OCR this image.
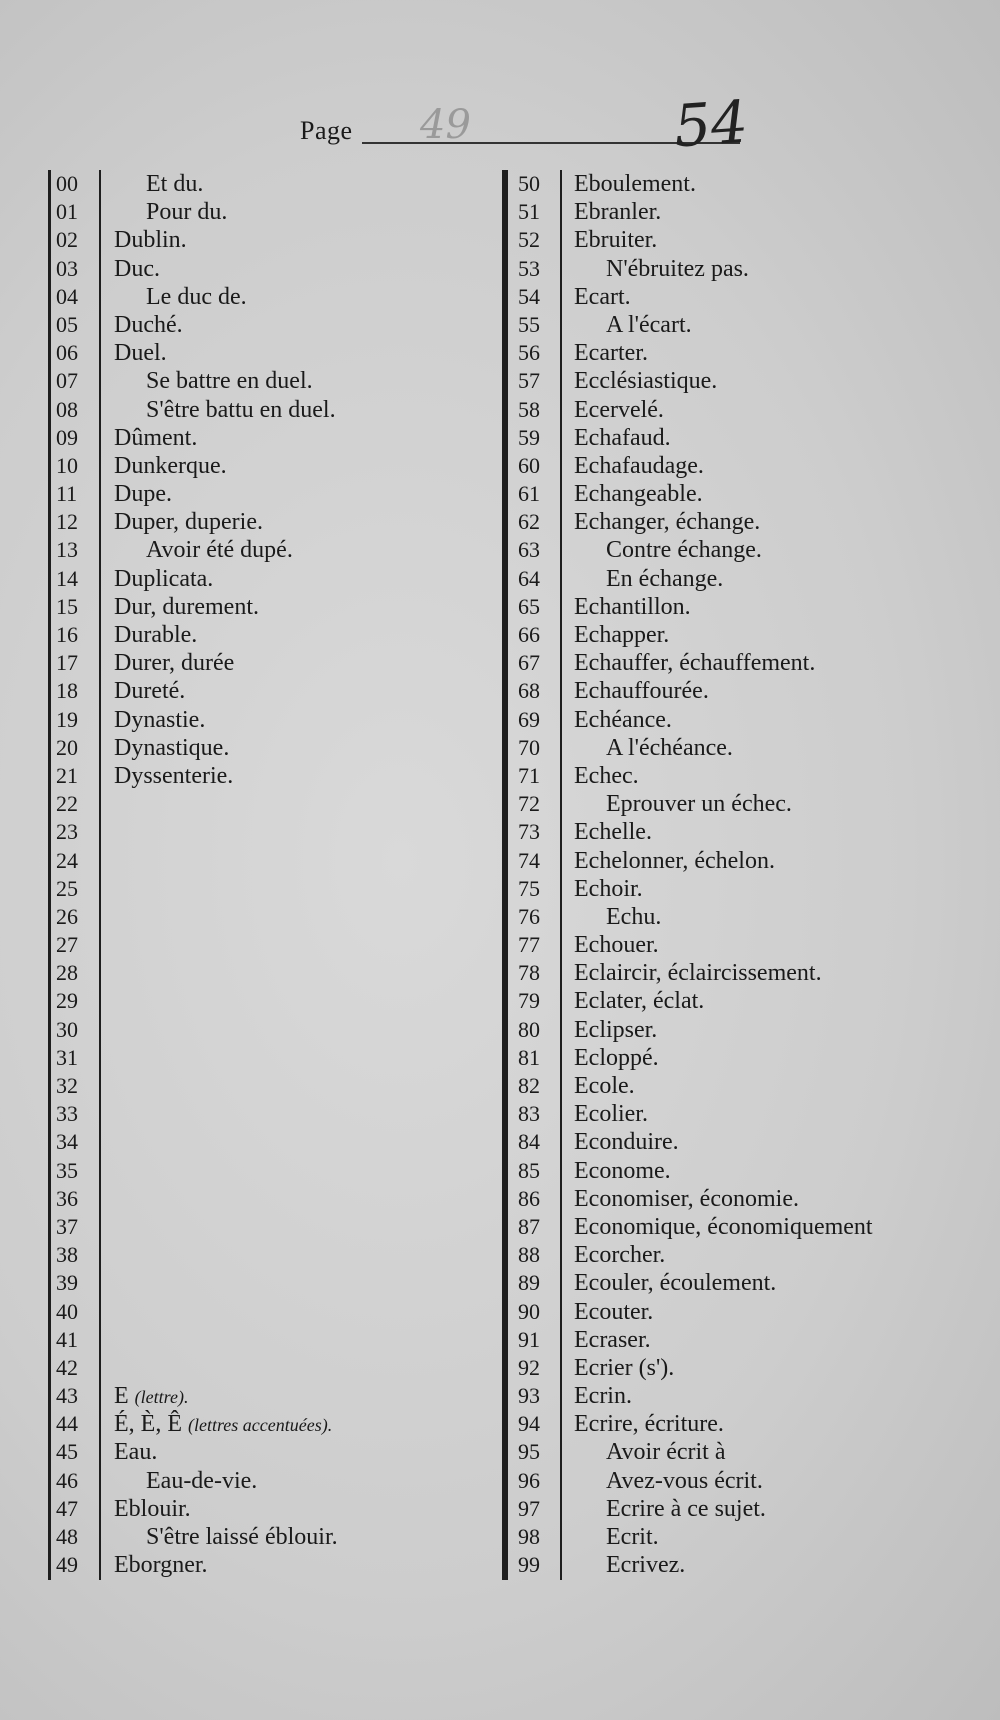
Page 49	54
00	Et du.
01	Pour du.
02	Dublin.
03	Duc.
04	Le duc de.
05	Duché.
06	Duel.
07	Se battre en duel.
08	S'être battu en duel.
09	Dûment.
10	Dunkerque.
11	Dupe.
12	Duper, duperie.
13	Avoir été dupé.
14	Duplicata.
15	Dur, durement.
16	Durable.
17	Durer, durée
18	Dureté.
19	Dynastie.
20	Dynastique.
21	Dyssenterie.
22
23
24
25
26
27
28
29
30
31
32
33
34
35
36
37
38
39
40
41
42
43	E (lettre).
44	É, È, Ê (lettres accentuées).
45	Eau.
46	Eau-de-vie.
47	Eblouir.
48	S'être laissé éblouir.
49	Eborgner.
50	Eboulement.
51	Ebranler.
52	Ebruiter.
53	N'ébruitez pas.
54	Ecart.
55	A l'écart.
56	Ecarter.
57	Ecclésiastique.
58	Ecervelé.
59	Echafaud.
60	Echafaudage.
61	Echangeable.
62	Echanger, échange.
63	Contre échange.
64	En échange.
65	Echantillon.
66	Echapper.
67	Echauffer, échauffement.
68	Echauffourée.
69	Echéance.
70	A l'échéance.
71	Echec.
72	Eprouver un échec.
73	Echelle.
74	Echelonner, échelon.
75	Echoir.
76	Echu.
77	Echouer.
78	Eclaircir, éclaircissement.
79	Eclater, éclat.
80	Eclipser.
81	Ecloppé.
82	Ecole.
83	Ecolier.
84	Econduire.
85	Econome.
86	Economiser, économie.
87	Economique, économiquement
88	Ecorcher.
89	Ecouler, écoulement.
90	Ecouter.
91	Ecraser.
92	Ecrier (s').
93	Ecrin.
94	Ecrire, écriture.
95	Avoir écrit à
96	Avez-vous écrit.
97	Ecrire à ce sujet.
98	Ecrit.
99	Ecrivez.
